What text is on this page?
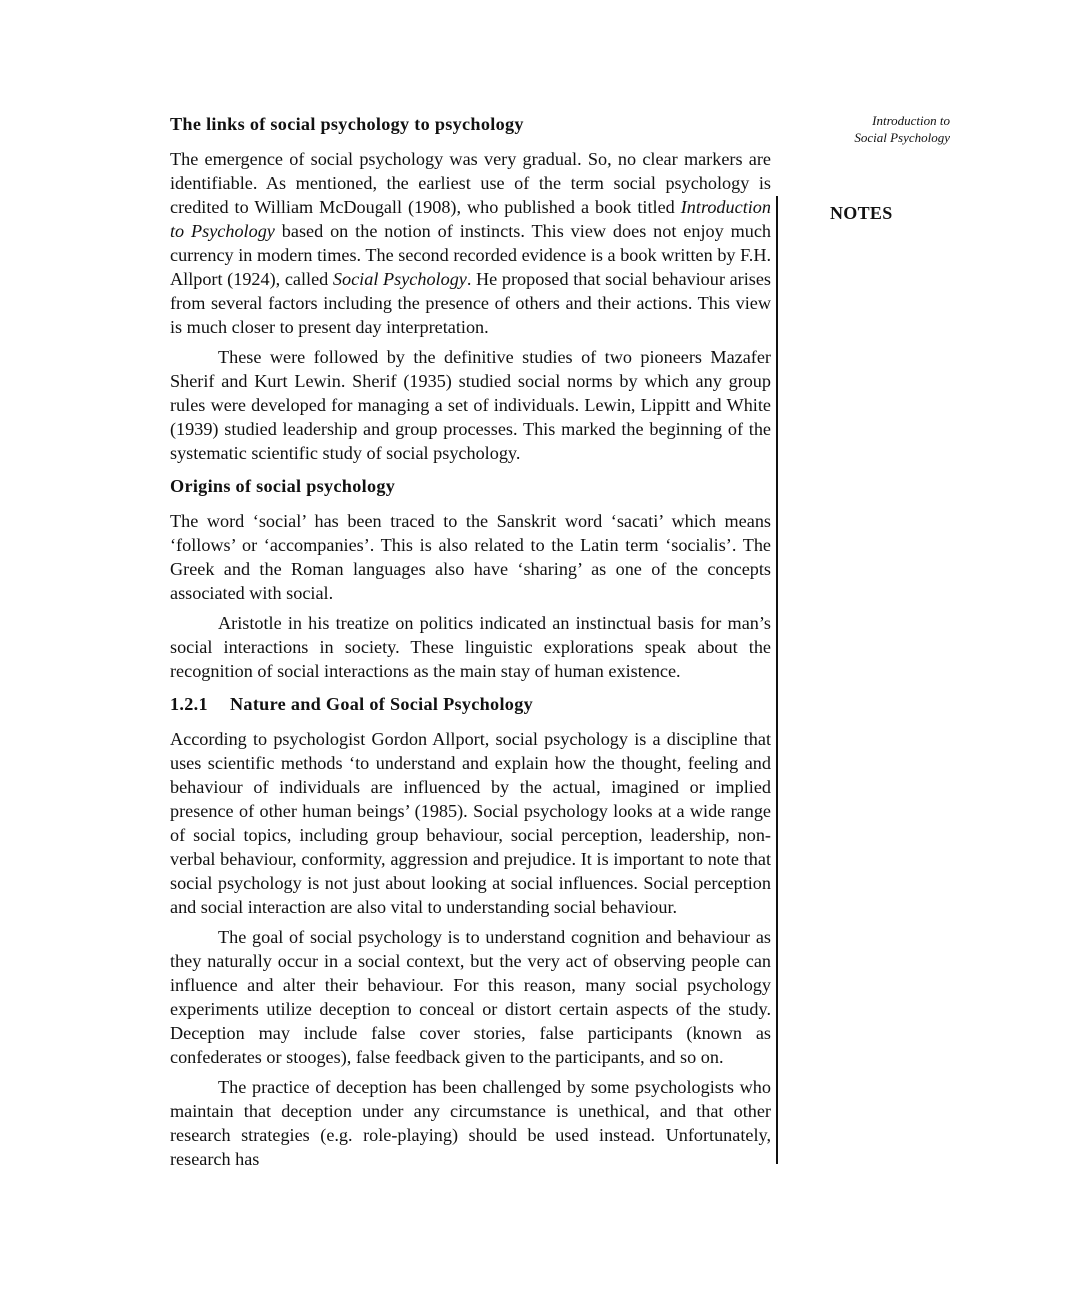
Introduction to
Social Psychology
NOTES
The links of social psychology to psychology

The emergence of social psychology was very gradual. So, no clear markers are identifiable. As mentioned, the earliest use of the term social psychology is credited to William McDougall (1908), who published a book titled Introduction to Psychology based on the notion of instincts. This view does not enjoy much currency in modern times. The second recorded evidence is a book written by F.H. Allport (1924), called Social Psychology. He proposed that social behaviour arises from several factors including the presence of others and their actions. This view is much closer to present day interpretation.

These were followed by the definitive studies of two pioneers Mazafer Sherif and Kurt Lewin. Sherif (1935) studied social norms by which any group rules were developed for managing a set of individuals. Lewin, Lippitt and White (1939) studied leadership and group processes. This marked the beginning of the systematic scientific study of social psychology.

Origins of social psychology

The word ‘social’ has been traced to the Sanskrit word ‘sacati’ which means ‘follows’ or ‘accompanies’. This is also related to the Latin term ‘socialis’. The Greek and the Roman languages also have ‘sharing’ as one of the concepts associated with social.

Aristotle in his treatize on politics indicated an instinctual basis for man’s social interactions in society. These linguistic explorations speak about the recognition of social interactions as the main stay of human existence.

1.2.1 Nature and Goal of Social Psychology

According to psychologist Gordon Allport, social psychology is a discipline that uses scientific methods ‘to understand and explain how the thought, feeling and behaviour of individuals are influenced by the actual, imagined or implied presence of other human beings’ (1985). Social psychology looks at a wide range of social topics, including group behaviour, social perception, leadership, non-verbal behaviour, conformity, aggression and prejudice. It is important to note that social psychology is not just about looking at social influences. Social perception and social interaction are also vital to understanding social behaviour.

The goal of social psychology is to understand cognition and behaviour as they naturally occur in a social context, but the very act of observing people can influence and alter their behaviour. For this reason, many social psychology experiments utilize deception to conceal or distort certain aspects of the study. Deception may include false cover stories, false participants (known as confederates or stooges), false feedback given to the participants, and so on.

The practice of deception has been challenged by some psychologists who maintain that deception under any circumstance is unethical, and that other research strategies (e.g. role-playing) should be used instead. Unfortunately, research has
